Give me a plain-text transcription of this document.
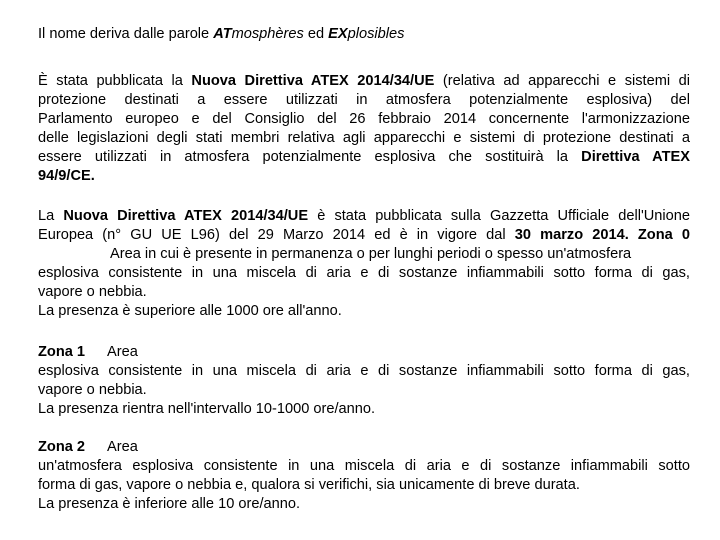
Il nome deriva dalle parole ATmosphères ed EXplosibles
È stata pubblicata la Nuova Direttiva ATEX 2014/34/UE (relativa ad apparecchi e sistemi di
protezione destinati a essere utilizzati in atmosfera potenzialmente esplosiva) del
Parlamento europeo e del Consiglio del 26 febbraio 2014 concernente l'armonizzazione
delle legislazioni degli stati membri relativa agli apparecchi e sistemi di protezione destinati a
essere utilizzati in atmosfera potenzialmente esplosiva che sostituirà la Direttiva ATEX
94/9/CE.
La Nuova Direttiva ATEX 2014/34/UE è stata pubblicata sulla Gazzetta Ufficiale dell'Unione
Europea (n° GU UE L96) del 29 Marzo 2014 ed è in vigore dal 30 marzo 2014. Zona 0
Area in cui è presente in permanenza o per lunghi periodi o spesso un'atmosfera
esplosiva consistente in una miscela di aria e di sostanze infiammabili sotto forma di gas,
vapore o nebbia.
La presenza è superiore alle 1000 ore all'anno.
Zona 1 Area
esplosiva consistente in una miscela di aria e di sostanze infiammabili sotto forma di gas,
vapore o nebbia.
La presenza rientra nell'intervallo 10-1000 ore/anno.
Zona 2 Area
un'atmosfera esplosiva consistente in una miscela di aria e di sostanze infiammabili sotto
forma di gas, vapore o nebbia e, qualora si verifichi, sia unicamente di breve durata.
La presenza è inferiore alle 10 ore/anno.
